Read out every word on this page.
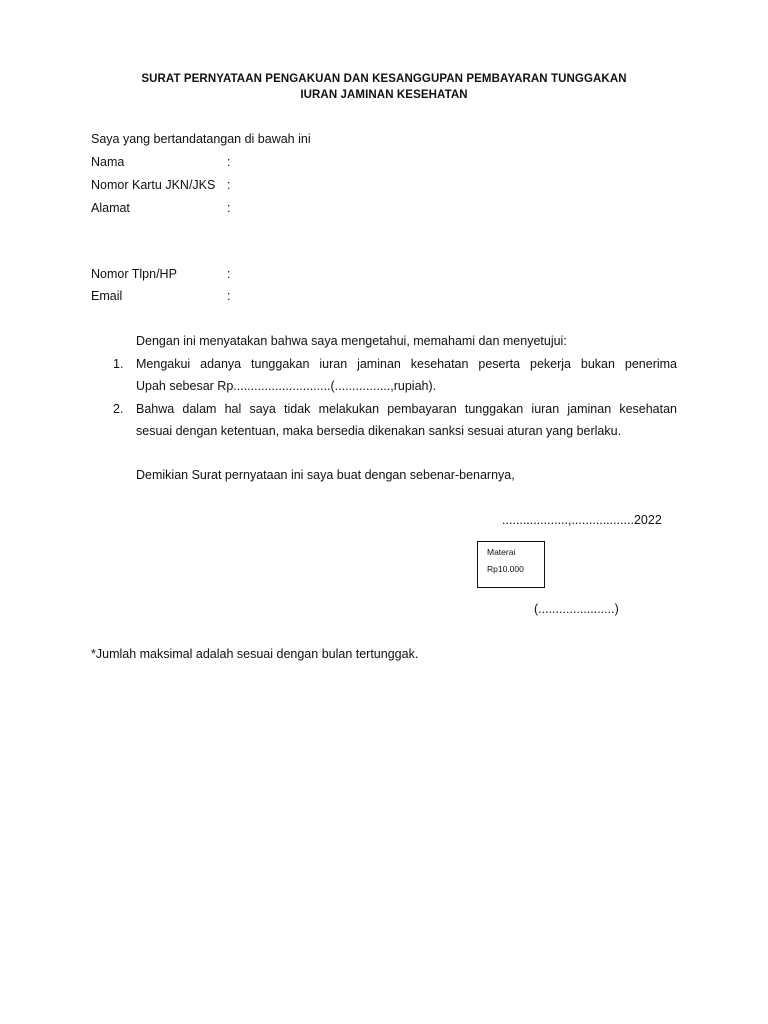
SURAT PERNYATAAN PENGAKUAN DAN KESANGGUPAN PEMBAYARAN TUNGGAKAN
IURAN JAMINAN KESEHATAN
Saya yang bertandatangan di bawah ini
Nama	:
Nomor Kartu JKN/JKS :
Alamat	:
Nomor Tlpn/HP	:
Email	:
Dengan ini menyatakan bahwa saya mengetahui, memahami dan menyetujui:
1. Mengakui adanya tunggakan iuran jaminan kesehatan peserta pekerja bukan penerima
Upah sebesar Rp............................(................,rupiah).
2. Bahwa dalam hal saya tidak melakukan pembayaran tunggakan iuran jaminan kesehatan
sesuai dengan ketentuan, maka bersedia dikenakan sanksi sesuai aturan yang berlaku.
Demikian Surat pernyataan ini saya buat dengan sebenar-benarnya,
...................,..................2022
Materai
Rp10.000
(......................)
*Jumlah maksimal adalah sesuai dengan bulan tertunggak.
